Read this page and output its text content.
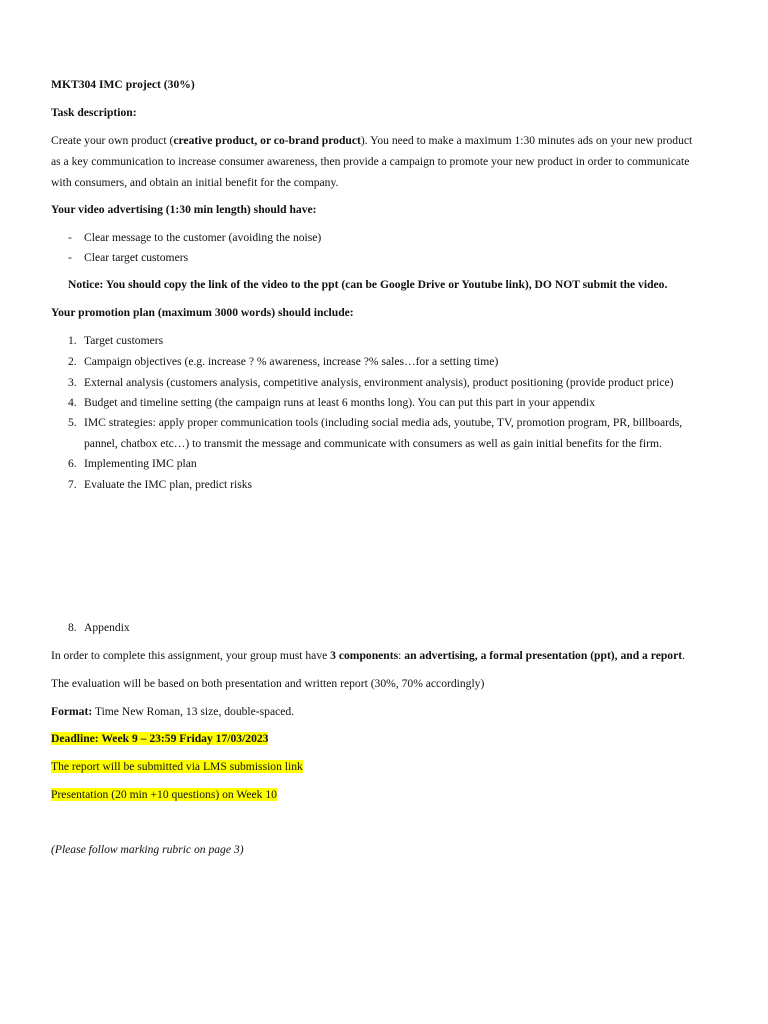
MKT304 IMC project (30%)
Task description:
Create your own product (creative product, or co-brand product). You need to make a maximum 1:30 minutes ads on your new product
as a key communication to increase consumer awareness, then provide a campaign to promote your new product in order to communicate
with consumers, and obtain an initial benefit for the company.
Your video advertising (1:30 min length) should have:
- Clear message to the customer (avoiding the noise)
- Clear target customers
Notice: You should copy the link of the video to the ppt (can be Google Drive or Youtube link), DO NOT submit the video.
Your promotion plan (maximum 3000 words) should include:
1. Target customers
2. Campaign objectives (e.g. increase ? % awareness, increase ?% sales…for a setting time)
3. External analysis (customers analysis, competitive analysis, environment analysis), product positioning (provide product price)
4. Budget and timeline setting (the campaign runs at least 6 months long). You can put this part in your appendix
5. IMC strategies: apply proper communication tools (including social media ads, youtube, TV, promotion program, PR, billboards,
pannel, chatbox etc…) to transmit the message and communicate with consumers as well as gain initial benefits for the firm.
6. Implementing IMC plan
7. Evaluate the IMC plan, predict risks
8. Appendix
In order to complete this assignment, your group must have 3 components: an advertising, a formal presentation (ppt), and a report.
The evaluation will be based on both presentation and written report (30%, 70% accordingly)
Format: Time New Roman, 13 size, double-spaced.
Deadline: Week 9 – 23:59 Friday 17/03/2023
The report will be submitted via LMS submission link
Presentation (20 min +10 questions) on Week 10
(Please follow marking rubric on page 3)
